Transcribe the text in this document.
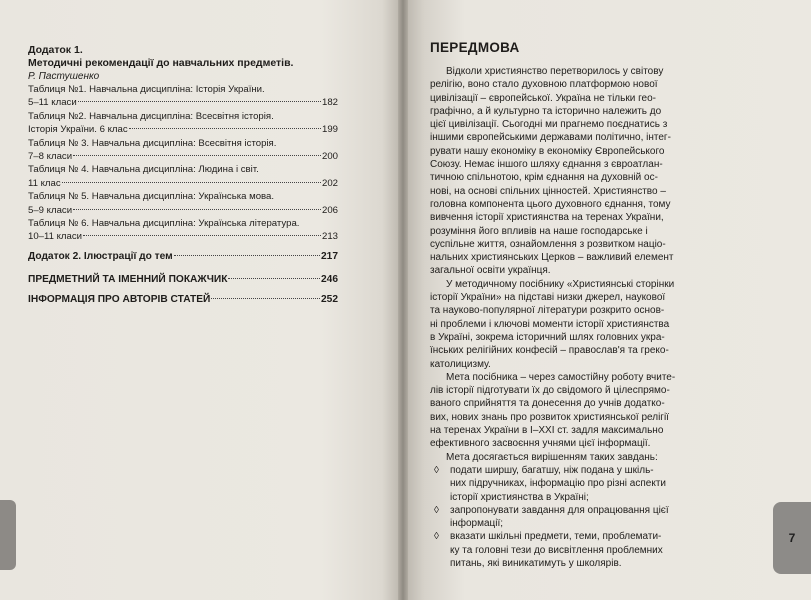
7
Додаток 1.
Методичні рекомендації до навчальних предметів.
Р. Пастушенко
Таблиця №1. Навчальна дисципліна: Історія України.
5–11 класи	182
Таблиця №2. Навчальна дисципліна: Всесвітня історія.
Історія України. 6 клас	199
Таблиця № 3. Навчальна дисципліна: Всесвітня історія.
7–8 класи	200
Таблиця № 4. Навчальна дисципліна: Людина і світ.
11 клас	202
Таблиця № 5. Навчальна дисципліна: Українська мова.
5–9 класи	206
Таблиця № 6. Навчальна дисципліна: Українська література.
10–11 класи	213
Додаток 2. Ілюстрації до тем	217
ПРЕДМЕТНИЙ ТА ІМЕННИЙ ПОКАЖЧИК	246
ІНФОРМАЦІЯ ПРО АВТОРІВ СТАТЕЙ	252
ПЕРЕДМОВА
Відколи християнство перетворилось у світову
релігію, воно стало духовною платформою нової
цивілізації – європейської. Україна не тільки гео-
графічно, а й культурно та історично належить до
цієї цивілізації. Сьогодні ми прагнемо поєднатись з
іншими європейськими державами політично, інтег-
рувати нашу економіку в економіку Європейського
Союзу. Немає іншого шляху єднання з євроатлан-
тичною спільнотою, крім єднання на духовній ос-
нові, на основі спільних цінностей. Християнство –
головна компонента цього духовного єднання, тому
вивчення історії християнства на теренах України,
розуміння його впливів на наше господарське і
суспільне життя, ознайомлення з розвитком націо-
нальних християнських Церков – важливий елемент
загальної освіти українця.
У методичному посібнику «Християнські сторінки
історії України» на підставі низки джерел, наукової
та науково-популярної літератури розкрито основ-
ні проблеми і ключові моменти історії християнства
в Україні, зокрема історичний шлях головних укра-
їнських релігійних конфесій – православ'я та греко-
католицизму.
Мета посібника – через самостійну роботу вчите-
лів історії підготувати їх до свідомого й цілеспрямо-
ваного сприйняття та донесення до учнів додатко-
вих, нових знань про розвиток християнської релігії
на теренах України в I–XXI ст. задля максимально
ефективного засвоєння учнями цієї інформації.
Мета досягається вирішенням таких завдань:
◊ подати ширшу, багатшу, ніж подана у шкіль-
них підручниках, інформацію про різні аспекти
історії християнства в Україні;
◊ запропонувати завдання для опрацювання цієї
інформації;
◊ вказати шкільні предмети, теми, проблемати-
ку та головні тези до висвітлення проблемних
питань, які виникатимуть у школярів.
